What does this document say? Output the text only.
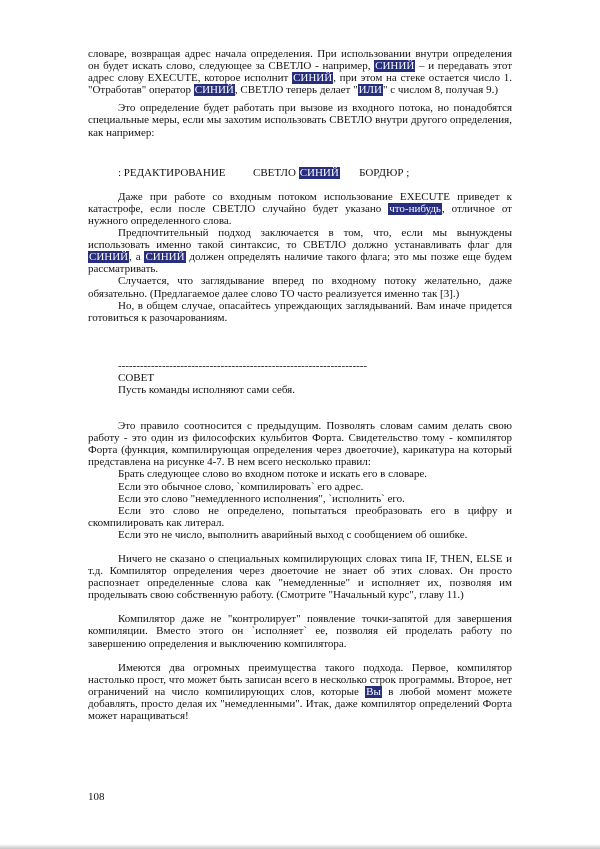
словаре, возвращая адрес начала определения. При использовании внутри определения он будет искать слово, следующее за СВЕТЛО - например, СИНИЙ – и передавать этот адрес слову EXECUTE, которое исполнит СИНИЙ, при этом на стеке остается число 1. "Отработав" оператор СИНИЙ, СВЕТЛО теперь делает "ИЛИ" с числом 8, получая 9.)

Это определение будет работать при вызове из входного потока, но понадобятся специальные меры, если мы захотим использовать СВЕТЛО внутри другого определения, как например:

: РЕДАКТИРОВАНИЕ          СВЕТЛО СИНИЙ       БОРДЮР ;

Даже при работе со входным потоком использование EXECUTE приведет к катастрофе, если после СВЕТЛО случайно будет указано что-нибудь, отличное от нужного определенного слова.

Предпочтительный подход заключается в том, что, если мы вынуждены использовать именно такой синтаксис, то СВЕТЛО должно устанавливать флаг для СИНИЙ, а СИНИЙ должен определять наличие такого флага; это мы позже еще будем рассматривать.

Случается, что заглядывание вперед по входному потоку желательно, даже обязательно. (Предлагаемое далее слово ТО часто реализуется именно так [3].)

Но, в общем случае, опасайтесь упреждающих заглядываний. Вам иначе придется готовиться к разочарованиям.

--------------------------------------------------------------------

СОВЕТ

Пусть команды исполняют сами себя.

Это правило соотносится с предыдущим. Позволять словам самим делать свою работу - это один из философских кульбитов Форта. Свидетельство тому - компилятор Форта (функция, компилирующая определения через двоеточие), карикатура на который представлена на рисунке 4-7. В нем всего несколько правил:

Брать следующее слово во входном потоке и искать его в словаре.

Если это обычное слово, `компилировать` его адрес.

Если это слово "немедленного исполнения", `исполнить` его.

Если это слово не определено, попытаться преобразовать его в цифру и скомпилировать как литерал.

Если это не число, выполнить аварийный выход с сообщением об ошибке.

Ничего не сказано о специальных компилирующих словах типа IF, THEN, ELSE и т.д. Компилятор определения через двоеточие не знает об этих словах. Он просто распознает определенные слова как "немедленные" и исполняет их, позволяя им проделывать свою собственную работу. (Смотрите "Начальный курс", главу 11.)

Компилятор даже не "контролирует" появление точки-запятой для завершения компиляции. Вместо этого он `исполняет` ее, позволяя ей проделать работу по завершению определения и выключению компилятора.

Имеются два огромных преимущества такого подхода. Первое, компилятор настолько прост, что может быть записан всего в несколько строк программы. Второе, нет ограничений на число компилирующих слов, которые Вы в любой момент можете добавлять, просто делая их "немедленными". Итак, даже компилятор определений Форта может наращиваться!

108
